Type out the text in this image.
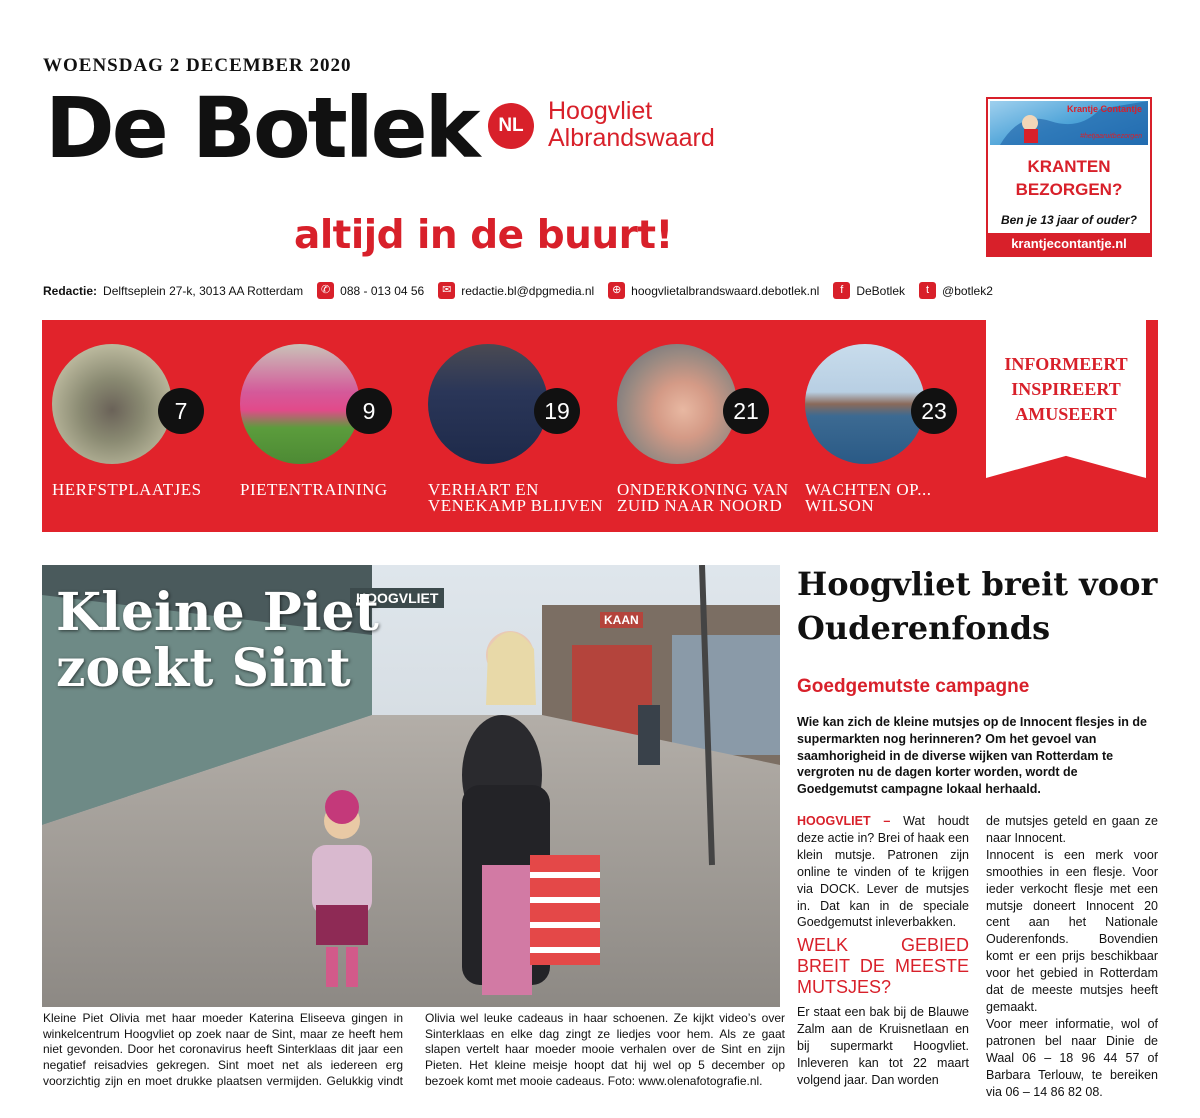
WOENSDAG 2 DECEMBER 2020
De Botlek	NL
Hoogvliet
Albrandswaard
altijd in de buurt!
Krantje Contantje
#hetjaaruitbezorgen
KRANTEN
BEZORGEN?
Ben je 13 jaar of ouder?
krantjecontantje.nl
Redactie: Delftseplein 27-k, 3013 AA Rotterdam	✆ 088 - 013 04 56	✉ redactie.bl@dpgmedia.nl	⊕ hoogvlietalbrandswaard.debotlek.nl	f	DeBotlek	t	@botlek2
7
HERFSTPLAATJES
9
PIETENTRAINING
19
VERHART EN VENEKAMP BLIJVEN
21
ONDERKONING VAN ZUID NAAR NOORD
23
WACHTEN OP... WILSON
INFORMEERT
INSPIREERT
AMUSEERT
HOOGVLIET
KAAN
Kleine Piet
zoekt Sint
Kleine Piet Olivia met haar moeder Katerina Eliseeva gingen in winkelcentrum Hoogvliet op zoek naar de Sint, maar ze heeft hem niet gevonden. Door het coronavirus heeft Sinterklaas dit jaar een negatief reisadvies gekregen. Sint moet net als iedereen erg voorzichtig zijn en moet drukke plaatsen vermijden. Gelukkig vindt Olivia wel leuke cadeaus in haar schoenen. Ze kijkt video’s over Sinterklaas en elke dag zingt ze liedjes voor hem. Als ze gaat slapen vertelt haar moeder mooie verhalen over de Sint en zijn Pieten. Het kleine meisje hoopt dat hij wel op 5 december op bezoek komt met mooie cadeaus. Foto: www.olenafotografie.nl.
Hoogvliet breit voor Ouderenfonds
Goedgemutste campagne
Wie kan zich de kleine mutsjes op de Innocent flesjes in de supermarkten nog herinneren? Om het gevoel van saamhorigheid in de diverse wijken van Rotterdam te vergroten nu de dagen korter worden, wordt de Goedgemutst campagne lokaal herhaald.

HOOGVLIET – Wat houdt deze actie in? Brei of haak een klein mutsje. Patronen zijn online te vinden of te krijgen via DOCK. Lever de mutsjes in. Dat kan in de speciale Goedgemutst inleverbakken.

WELK GEBIED BREIT DE MEESTE MUTSJES?

Er staat een bak bij de Blauwe Zalm aan de Kruisnetlaan en bij supermarkt Hoogvliet. Inleveren kan tot 22 maart volgend jaar. Dan worden

de mutsjes geteld en gaan ze naar Innocent.

Innocent is een merk voor smoothies in een flesje. Voor ieder verkocht flesje met een mutsje doneert Innocent 20 cent aan het Nationale Ouderenfonds. Bovendien komt er een prijs beschikbaar voor het gebied in Rotterdam dat de meeste mutsjes heeft gemaakt.

Voor meer informatie, wol of patronen bel naar Dinie de Waal 06 – 18 96 44 57 of Barbara Terlouw, te bereiken via 06 – 14 86 82 08.
